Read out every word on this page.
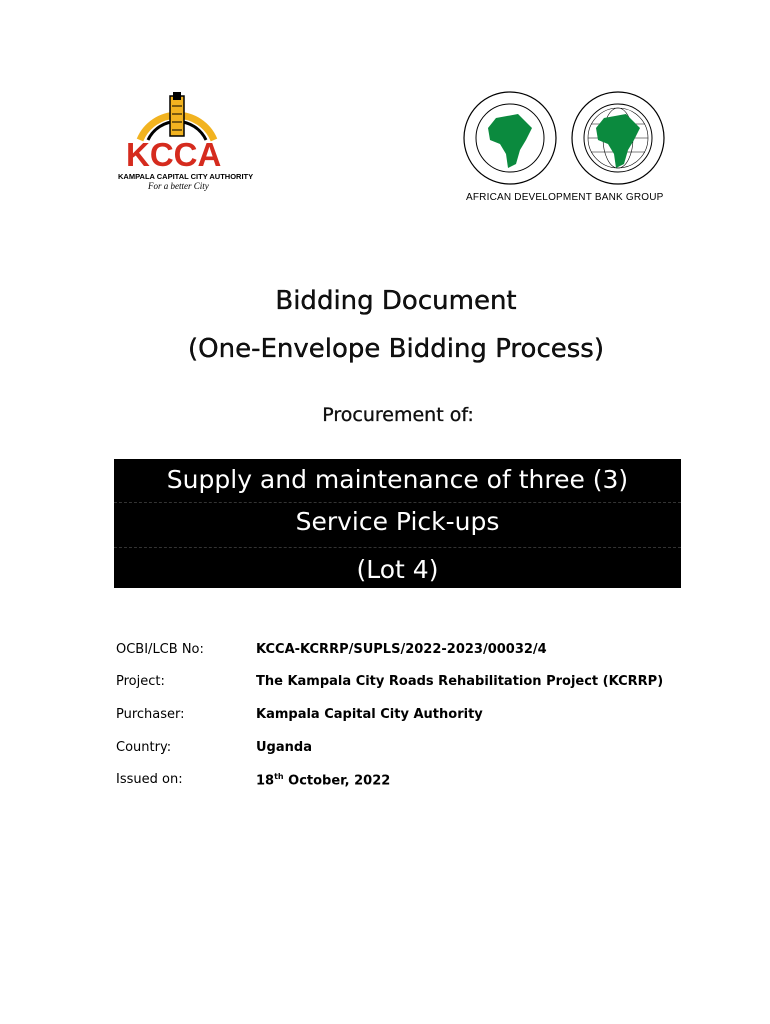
KCCA
KAMPALA CAPITAL CITY AUTHORITY
For a better City
AFRICAN DEVELOPMENT BANK GROUP
Bidding Document
(One-Envelope Bidding Process)
Procurement of:
Supply and maintenance of three (3)
Service Pick-ups
(Lot 4)
OCBI/LCB No:	KCCA-KCRRP/SUPLS/2022-2023/00032/4
Project:	The Kampala City Roads Rehabilitation Project (KCRRP)
Purchaser:	Kampala Capital City Authority
Country:	Uganda
Issued on:	18th October, 2022
